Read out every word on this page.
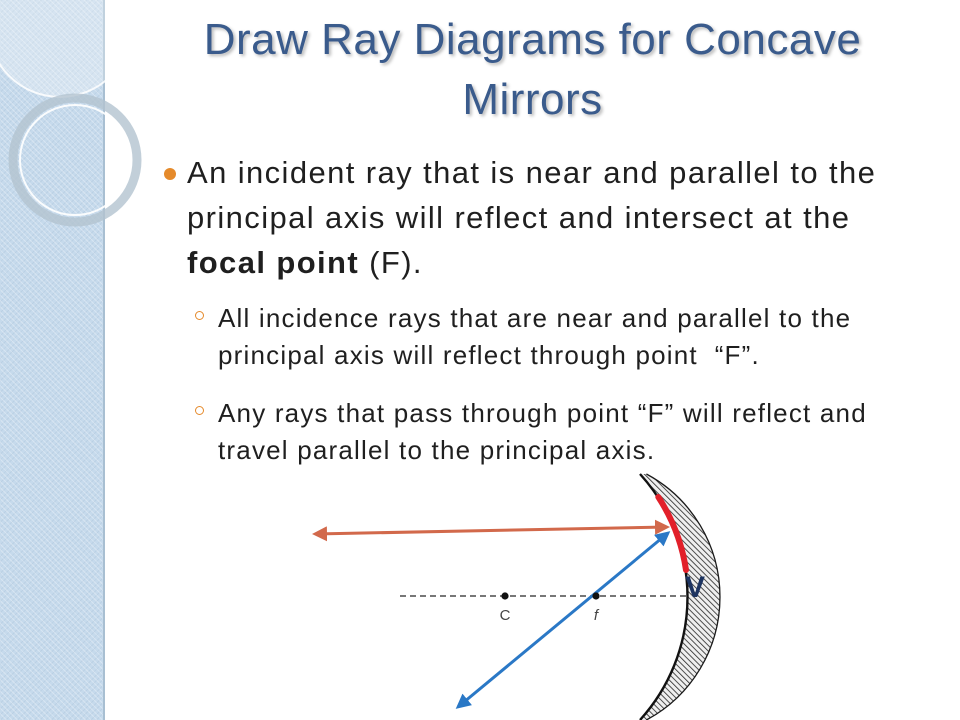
Draw Ray Diagrams for Concave Mirrors
An incident ray that is near and parallel to the
principal axis will reflect and intersect at the
focal point (F).
All incidence rays that are near and parallel to the
principal axis will reflect through point  “F”.
Any rays that pass through point “F” will reflect and
travel parallel to the principal axis.
C	f
V
